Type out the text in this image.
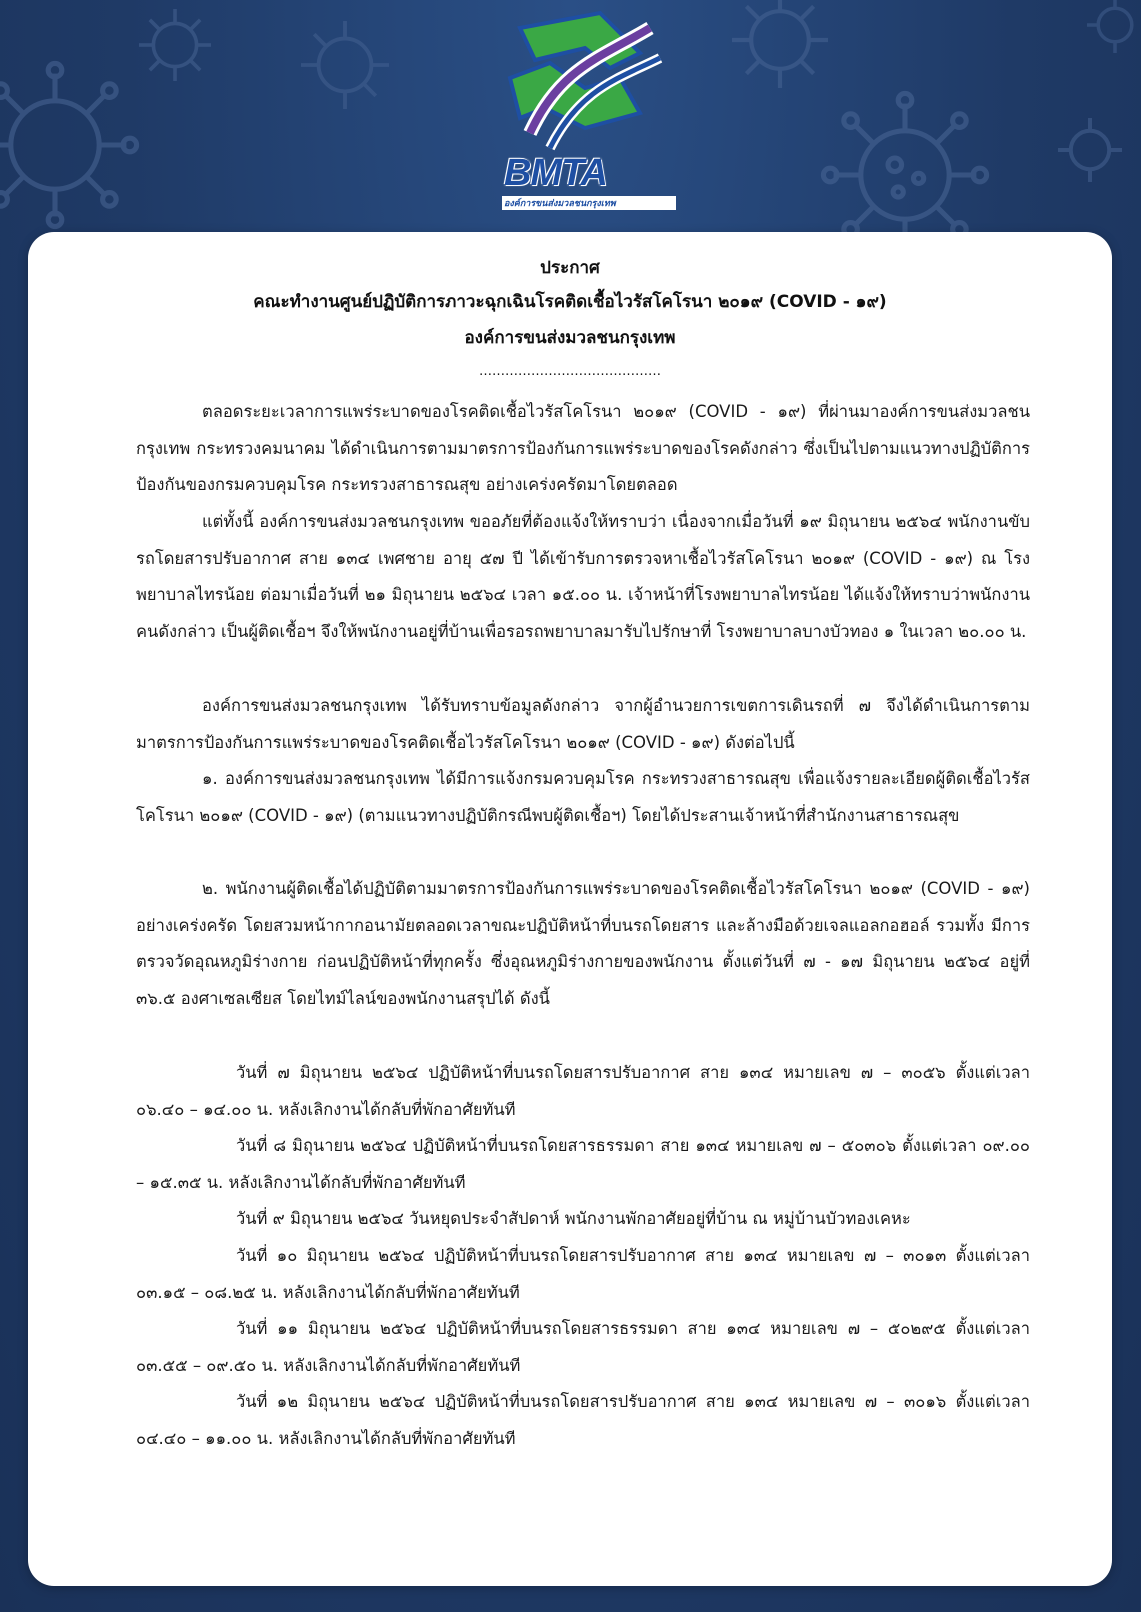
BMTA
องค์การขนส่งมวลชนกรุงเทพ
ประกาศ
คณะทำงานศูนย์ปฏิบัติการภาวะฉุกเฉินโรคติดเชื้อไวรัสโคโรนา ๒๐๑๙ (COVID - ๑๙)
องค์การขนส่งมวลชนกรุงเทพ
……………………………………
ตลอดระยะเวลาการแพร่ระบาดของโรคติดเชื้อไวรัสโคโรนา ๒๐๑๙ (COVID - ๑๙) ที่ผ่านมาองค์การขนส่งมวลชนกรุงเทพ กระทรวงคมนาคม ได้ดำเนินการตามมาตรการป้องกันการแพร่ระบาดของโรคดังกล่าว ซึ่งเป็นไปตามแนวทางปฏิบัติการป้องกันของกรมควบคุมโรค กระทรวงสาธารณสุข อย่างเคร่งครัดมาโดยตลอด
แต่ทั้งนี้ องค์การขนส่งมวลชนกรุงเทพ ขออภัยที่ต้องแจ้งให้ทราบว่า เนื่องจากเมื่อวันที่ ๑๙ มิถุนายน ๒๕๖๔ พนักงานขับรถโดยสารปรับอากาศ สาย ๑๓๔ เพศชาย อายุ ๕๗ ปี ได้เข้ารับการตรวจหาเชื้อไวรัสโคโรนา ๒๐๑๙ (COVID - ๑๙) ณ โรงพยาบาลไทรน้อย ต่อมาเมื่อวันที่ ๒๑ มิถุนายน ๒๕๖๔ เวลา ๑๕.๐๐ น. เจ้าหน้าที่โรงพยาบาลไทรน้อย ได้แจ้งให้ทราบว่าพนักงานคนดังกล่าว เป็นผู้ติดเชื้อฯ จึงให้พนักงานอยู่ที่บ้านเพื่อรอรถพยาบาลมารับไปรักษาที่ โรงพยาบาลบางบัวทอง ๑ ในเวลา ๒๐.๐๐ น.
องค์การขนส่งมวลชนกรุงเทพ ได้รับทราบข้อมูลดังกล่าว จากผู้อำนวยการเขตการเดินรถที่ ๗ จึงได้ดำเนินการตามมาตรการป้องกันการแพร่ระบาดของโรคติดเชื้อไวรัสโคโรนา ๒๐๑๙ (COVID - ๑๙) ดังต่อไปนี้
๑. องค์การขนส่งมวลชนกรุงเทพ ได้มีการแจ้งกรมควบคุมโรค กระทรวงสาธารณสุข เพื่อแจ้งรายละเอียดผู้ติดเชื้อไวรัสโคโรนา ๒๐๑๙ (COVID - ๑๙) (ตามแนวทางปฏิบัติกรณีพบผู้ติดเชื้อฯ) โดยได้ประสานเจ้าหน้าที่สำนักงานสาธารณสุข
๒. พนักงานผู้ติดเชื้อได้ปฏิบัติตามมาตรการป้องกันการแพร่ระบาดของโรคติดเชื้อไวรัสโคโรนา ๒๐๑๙ (COVID - ๑๙) อย่างเคร่งครัด โดยสวมหน้ากากอนามัยตลอดเวลาขณะปฏิบัติหน้าที่บนรถโดยสาร และล้างมือด้วยเจลแอลกอฮอล์ รวมทั้ง มีการตรวจวัดอุณหภูมิร่างกาย ก่อนปฏิบัติหน้าที่ทุกครั้ง ซึ่งอุณหภูมิร่างกายของพนักงาน ตั้งแต่วันที่ ๗ - ๑๗ มิถุนายน ๒๕๖๔ อยู่ที่ ๓๖.๕ องศาเซลเซียส โดยไทม์ไลน์ของพนักงานสรุปได้ ดังนี้
วันที่ ๗ มิถุนายน ๒๕๖๔ ปฏิบัติหน้าที่บนรถโดยสารปรับอากาศ สาย ๑๓๔ หมายเลข ๗ – ๓๐๕๖ ตั้งแต่เวลา ๐๖.๔๐ – ๑๔.๐๐ น. หลังเลิกงานได้กลับที่พักอาศัยทันที
วันที่ ๘ มิถุนายน ๒๕๖๔ ปฏิบัติหน้าที่บนรถโดยสารธรรมดา สาย ๑๓๔ หมายเลข ๗ – ๕๐๓๐๖ ตั้งแต่เวลา ๐๙.๐๐ – ๑๕.๓๕ น. หลังเลิกงานได้กลับที่พักอาศัยทันที
วันที่ ๙ มิถุนายน ๒๕๖๔ วันหยุดประจำสัปดาห์ พนักงานพักอาศัยอยู่ที่บ้าน ณ หมู่บ้านบัวทองเคหะ
วันที่ ๑๐ มิถุนายน ๒๕๖๔ ปฏิบัติหน้าที่บนรถโดยสารปรับอากาศ สาย ๑๓๔ หมายเลข ๗ – ๓๐๑๓ ตั้งแต่เวลา ๐๓.๑๕ – ๐๘.๒๕ น. หลังเลิกงานได้กลับที่พักอาศัยทันที
วันที่ ๑๑ มิถุนายน ๒๕๖๔ ปฏิบัติหน้าที่บนรถโดยสารธรรมดา สาย ๑๓๔ หมายเลข ๗ – ๕๐๒๙๕ ตั้งแต่เวลา ๐๓.๕๕ – ๐๙.๕๐ น. หลังเลิกงานได้กลับที่พักอาศัยทันที
วันที่ ๑๒ มิถุนายน ๒๕๖๔ ปฏิบัติหน้าที่บนรถโดยสารปรับอากาศ สาย ๑๓๔ หมายเลข ๗ – ๓๐๑๖ ตั้งแต่เวลา ๐๔.๔๐ – ๑๑.๐๐ น. หลังเลิกงานได้กลับที่พักอาศัยทันที
